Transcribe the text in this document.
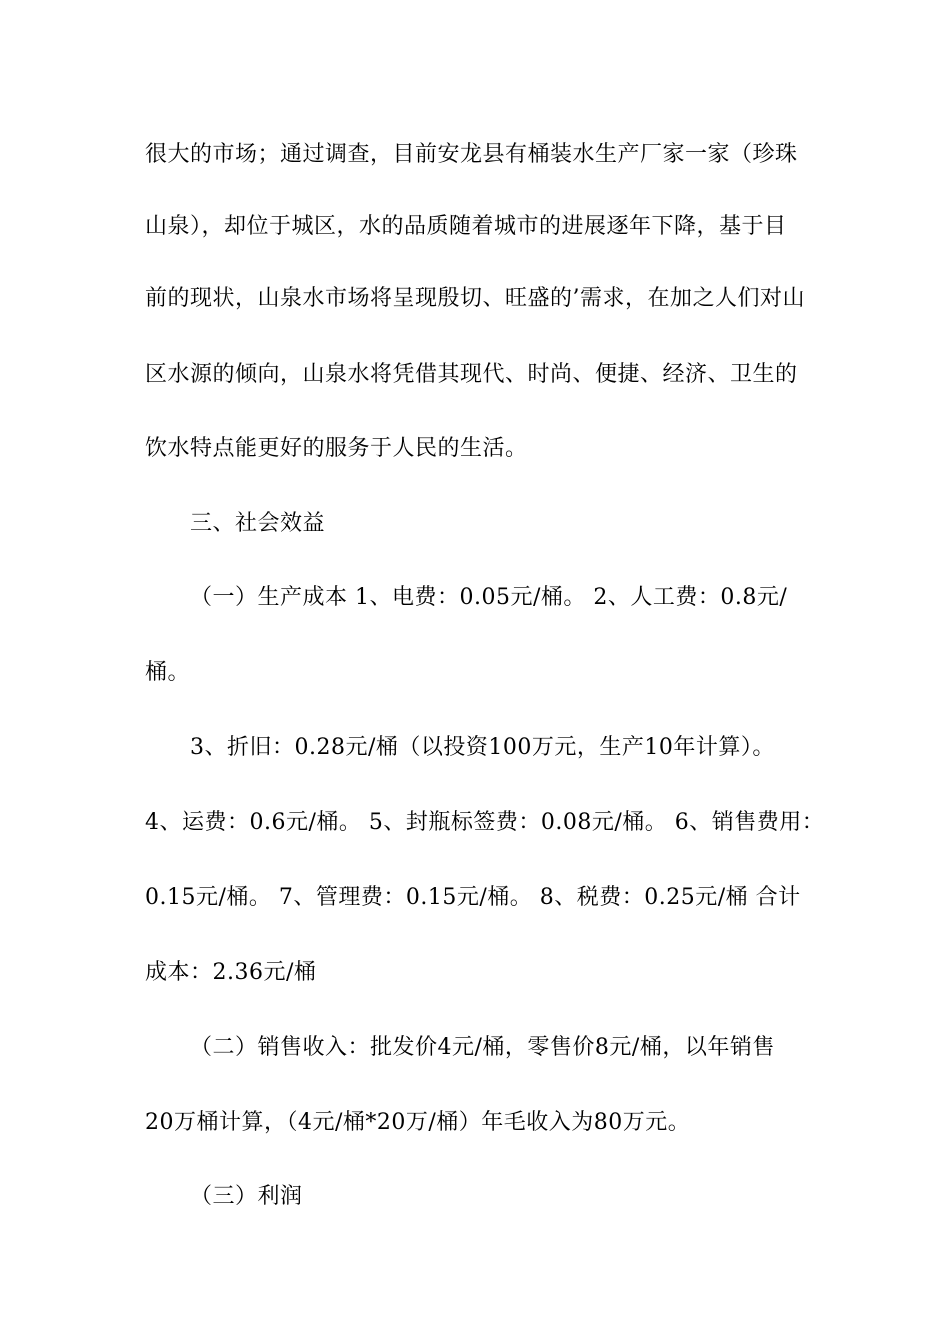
很大的市场；通过调查，目前安龙县有桶装水生产厂家一家（珍珠
山泉），却位于城区，水的品质随着城市的进展逐年下降，基于目
前的现状，山泉水市场将呈现殷切、旺盛的’需求，在加之人们对山
区水源的倾向，山泉水将凭借其现代、时尚、便捷、经济、卫生的
饮水特点能更好的服务于人民的生活。
三、社会效益
（一）生产成本 1、电费：0.05元/桶。 2、人工费：0.8元/
桶。
3、折旧：0.28元/桶（以投资100万元，生产10年计算）。
4、运费：0.6元/桶。 5、封瓶标签费：0.08元/桶。 6、销售费用：
0.15元/桶。 7、管理费：0.15元/桶。 8、税费：0.25元/桶 合计
成本：2.36元/桶
（二）销售收入：批发价4元/桶，零售价8元/桶，以年销售
20万桶计算，（4元/桶*20万/桶）年毛收入为80万元。
（三）利润
